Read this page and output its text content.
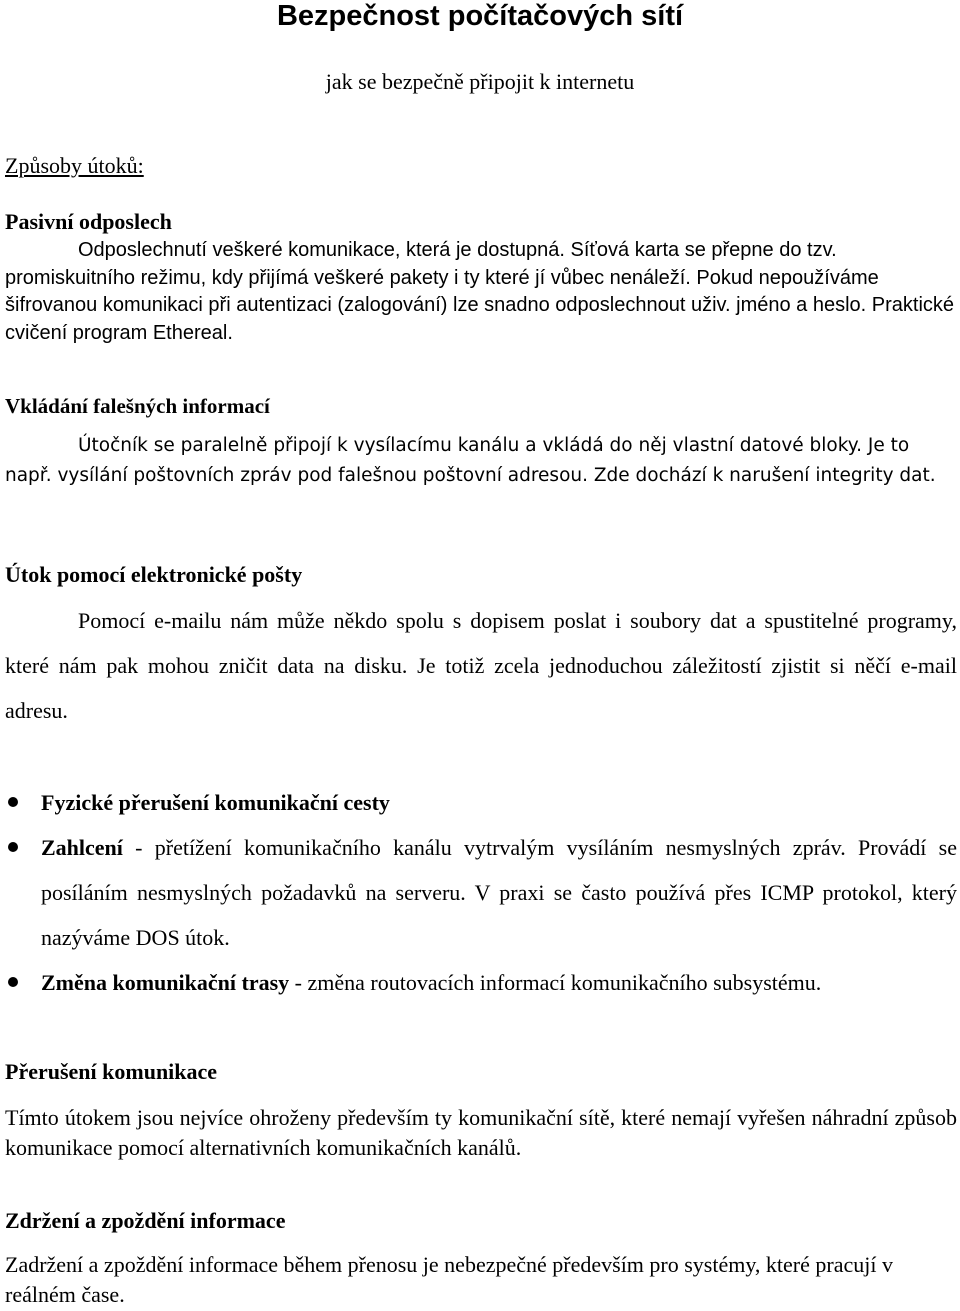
Bezpečnost počítačových sítí
jak se bezpečně připojit k internetu
Způsoby útoků:
Pasivní odposlech
Odposlechnutí veškeré komunikace, která je dostupná. Síťová karta se přepne do tzv. promiskuitního režimu, kdy přijímá veškeré pakety i ty které jí vůbec nenáleží. Pokud nepoužíváme šifrovanou komunikaci při autentizaci (zalogování) lze snadno odposlechnout uživ. jméno a heslo. Praktické cvičení program Ethereal.
Vkládání falešných informací
Útočník se paralelně připojí k vysílacímu kanálu a vkládá do něj vlastní datové bloky. Je to např. vysílání poštovních zpráv pod falešnou poštovní adresou. Zde dochází k narušení integrity dat.
Útok pomocí elektronické pošty
Pomocí e-mailu nám může někdo spolu s dopisem poslat i soubory dat a spustitelné programy, které nám pak mohou zničit data na disku. Je totiž zcela jednoduchou záležitostí zjistit si něčí e-mail adresu.
Fyzické přerušení komunikační cesty
Zahlcení - přetížení komunikačního kanálu vytrvalým vysíláním nesmyslných zpráv. Provádí se posíláním nesmyslných požadavků na serveru. V praxi se často používá přes ICMP protokol, který nazýváme DOS útok.
Změna komunikační trasy - změna routovacích informací komunikačního subsystému.
Přerušení komunikace
Tímto útokem jsou nejvíce ohroženy především ty komunikační sítě, které nemají vyřešen náhradní způsob komunikace pomocí alternativních komunikačních kanálů.
Zdržení a zpoždění informace
Zadržení a zpoždění informace během přenosu je nebezpečné především pro systémy, které pracují v reálném čase.
